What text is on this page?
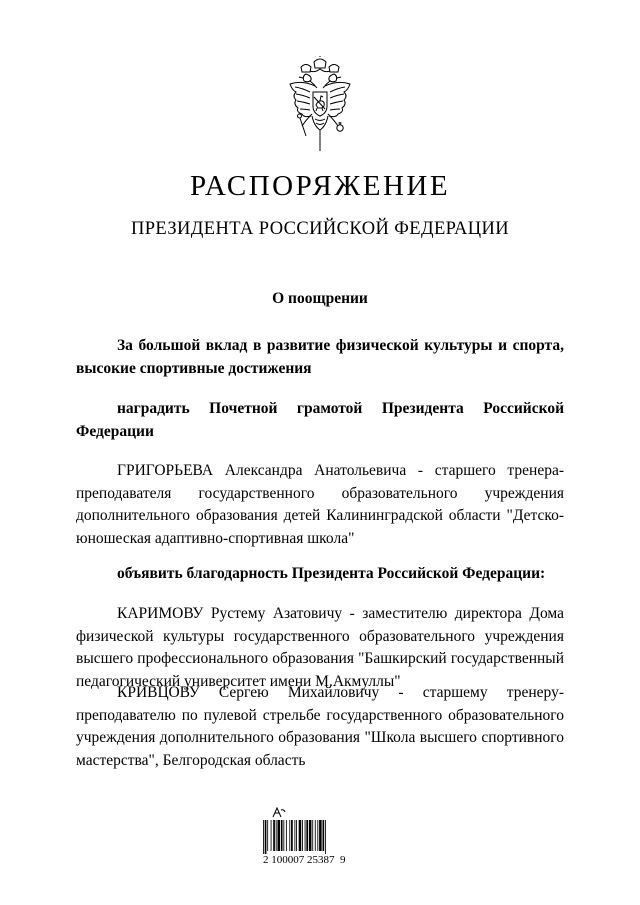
РАСПОРЯЖЕНИЕ
ПРЕЗИДЕНТА РОССИЙСКОЙ ФЕДЕРАЦИИ
О поощрении

За большой вклад в развитие физической культуры и спорта, высокие спортивные достижения

наградить Почетной грамотой Президента Российской Федерации

ГРИГОРЬЕВА Александра Анатольевича - старшего тренера-преподавателя государственного образовательного учреждения дополнительного образования детей Калининградской области "Детско-юношеская адаптивно-спортивная школа"

объявить благодарность Президента Российской Федерации:

КАРИМОВУ Рустему Азатовичу - заместителю директора Дома физической культуры государственного образовательного учреждения высшего профессионального образования "Башкирский государственный педагогический университет имени М.Акмуллы"

КРИВЦОВУ Сергею Михайловичу - старшему тренеру-преподавателю по пулевой стрельбе государственного образовательного учреждения дополнительного образования "Школа высшего спортивного мастерства", Белгородская область

2 100007 25387  9
